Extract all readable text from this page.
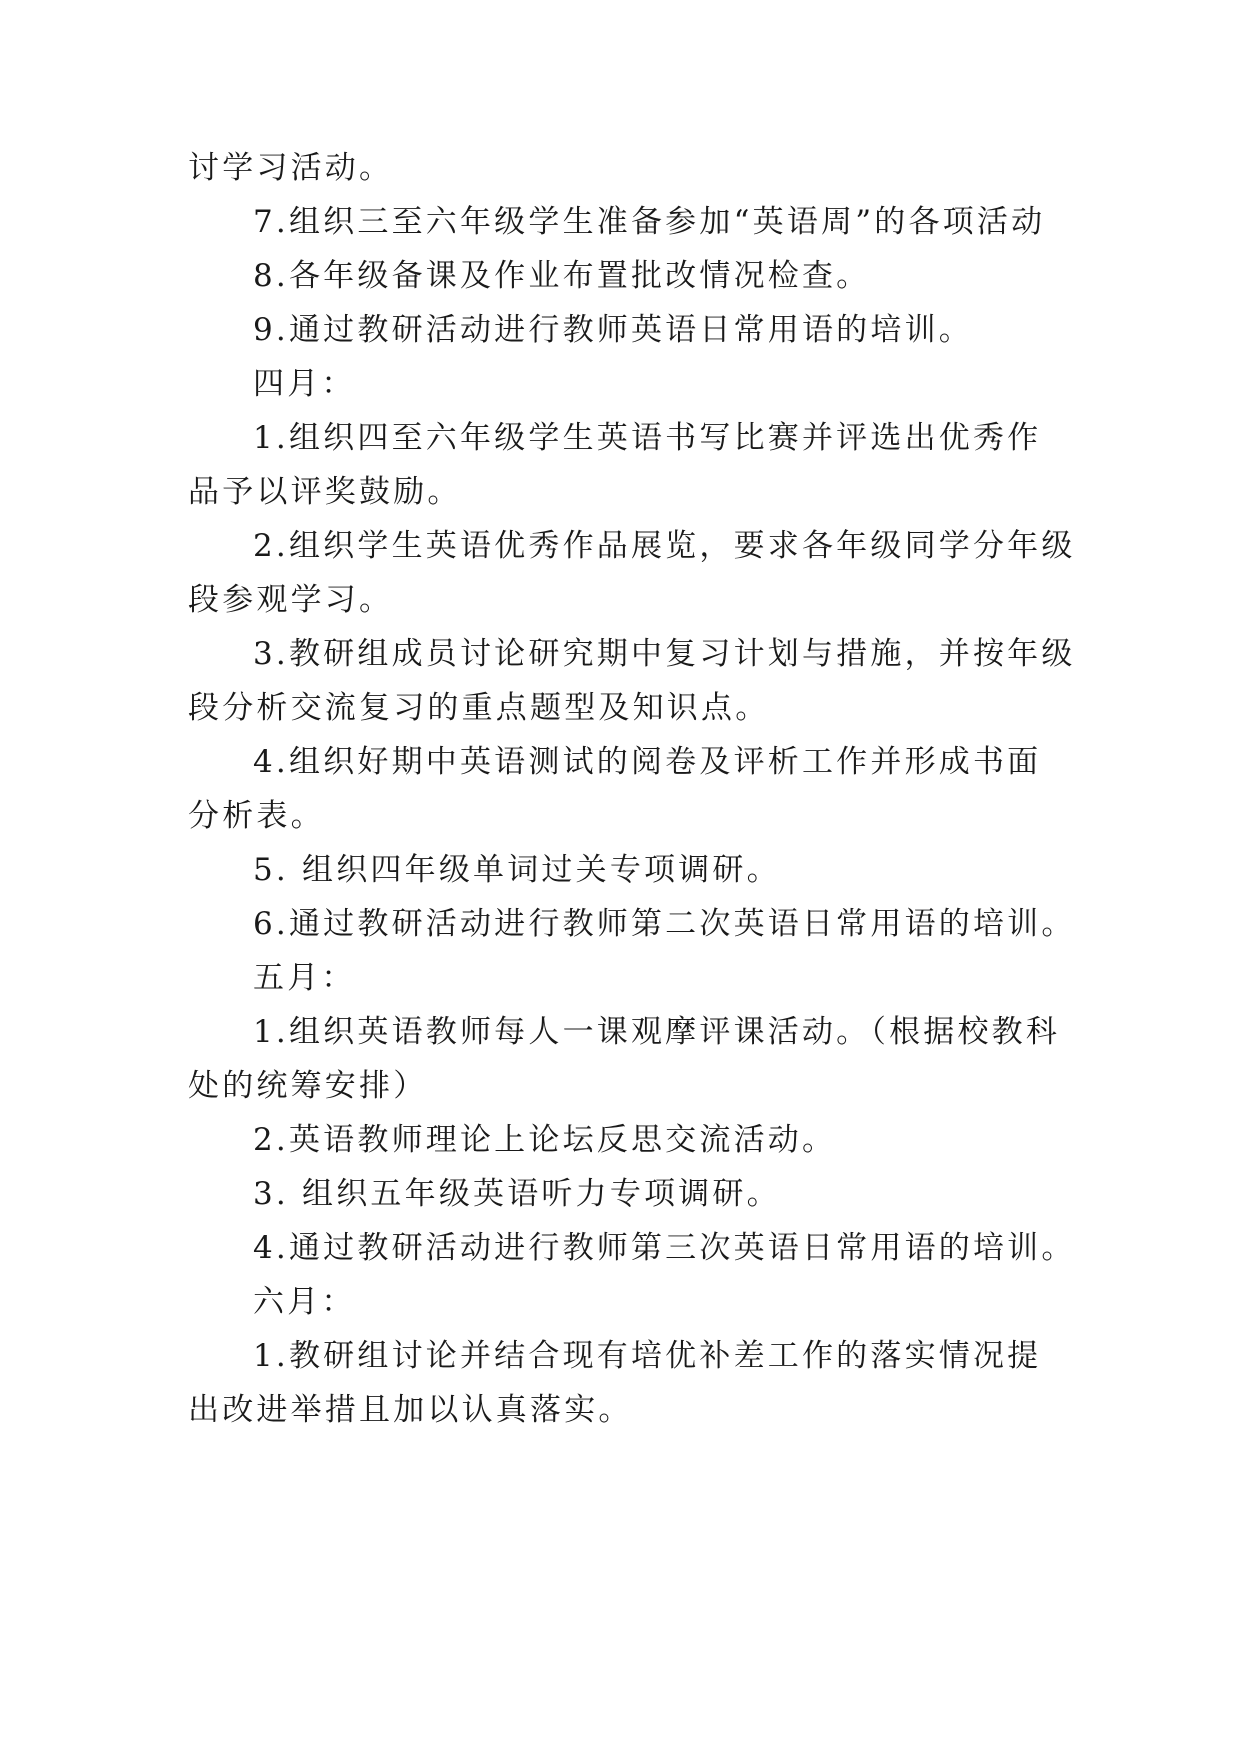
讨学习活动。
7.组织三至六年级学生准备参加“英语周”的各项活动
8.各年级备课及作业布置批改情况检查。
9.通过教研活动进行教师英语日常用语的培训。
四月：
1.组织四至六年级学生英语书写比赛并评选出优秀作
品予以评奖鼓励。
2.组织学生英语优秀作品展览，要求各年级同学分年级
段参观学习。
3.教研组成员讨论研究期中复习计划与措施，并按年级
段分析交流复习的重点题型及知识点。
4.组织好期中英语测试的阅卷及评析工作并形成书面
分析表。
5. 组织四年级单词过关专项调研。
6.通过教研活动进行教师第二次英语日常用语的培训。
五月：
1.组织英语教师每人一课观摩评课活动。（根据校教科
处的统筹安排）
2.英语教师理论上论坛反思交流活动。
3. 组织五年级英语听力专项调研。
4.通过教研活动进行教师第三次英语日常用语的培训。
六月：
1.教研组讨论并结合现有培优补差工作的落实情况提
出改进举措且加以认真落实。
